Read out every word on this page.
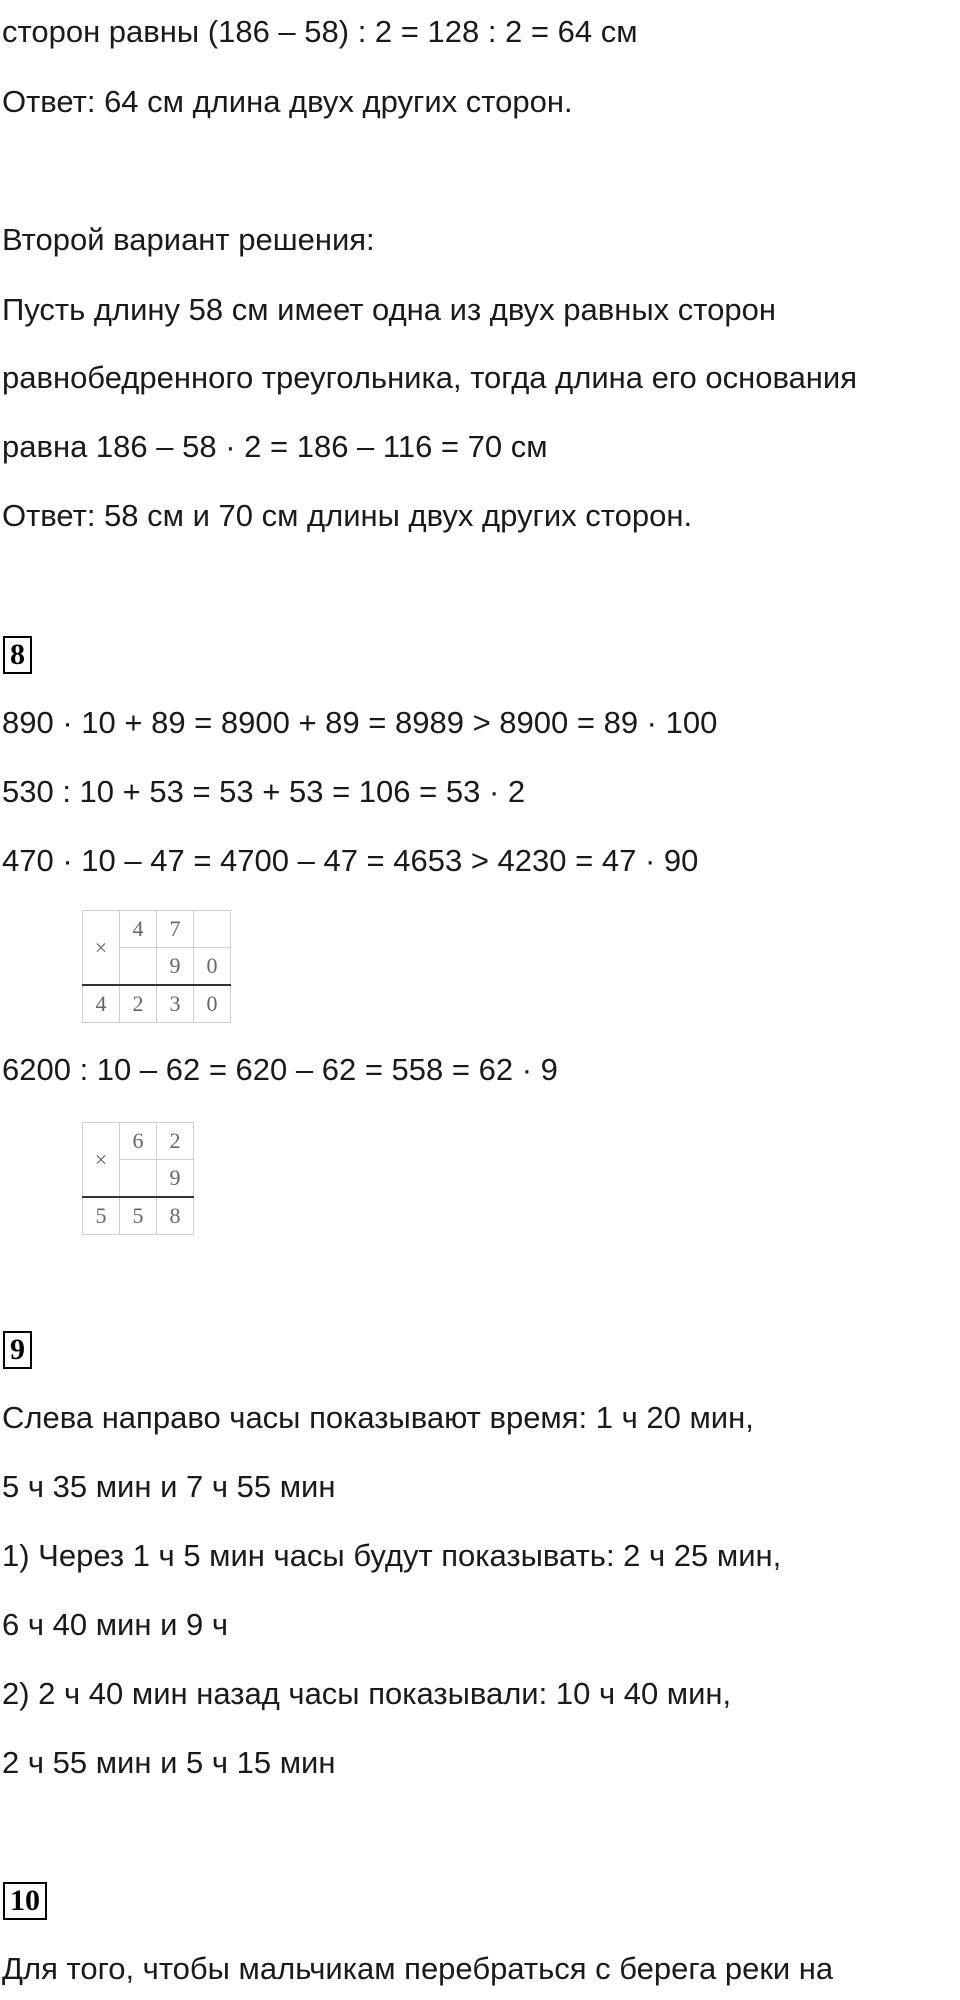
сторон равны (186 – 58) : 2 = 128 : 2 = 64 см
Ответ: 64 см длина двух других сторон.
Второй вариант решения:
Пусть длину 58 см имеет одна из двух равных сторон
равнобедренного треугольника, тогда длина его основания
равна 186 – 58 · 2 = 186 – 116 = 70 см
Ответ: 58 см и 70 см длины двух других сторон.
8
890 · 10 + 89 = 8900 + 89 = 8989 > 8900 = 89 · 100
530 : 10 + 53 = 53 + 53 = 106 = 53 · 2
470 · 10 – 47 = 4700 – 47 = 4653 > 4230 = 47 · 90
×	4	7	
		9	0
4	2	3	0
6200 : 10 – 62 = 620 – 62 = 558 = 62 · 9
×	6	2
		9
5	5	8
9
Слева направо часы показывают время: 1 ч 20 мин,
5 ч 35 мин и 7 ч 55 мин
1) Через 1 ч 5 мин часы будут показывать: 2 ч 25 мин,
6 ч 40 мин и 9 ч
2) 2 ч 40 мин назад часы показывали: 10 ч 40 мин,
2 ч 55 мин и 5 ч 15 мин
10
Для того, чтобы мальчикам перебраться с берега реки на
